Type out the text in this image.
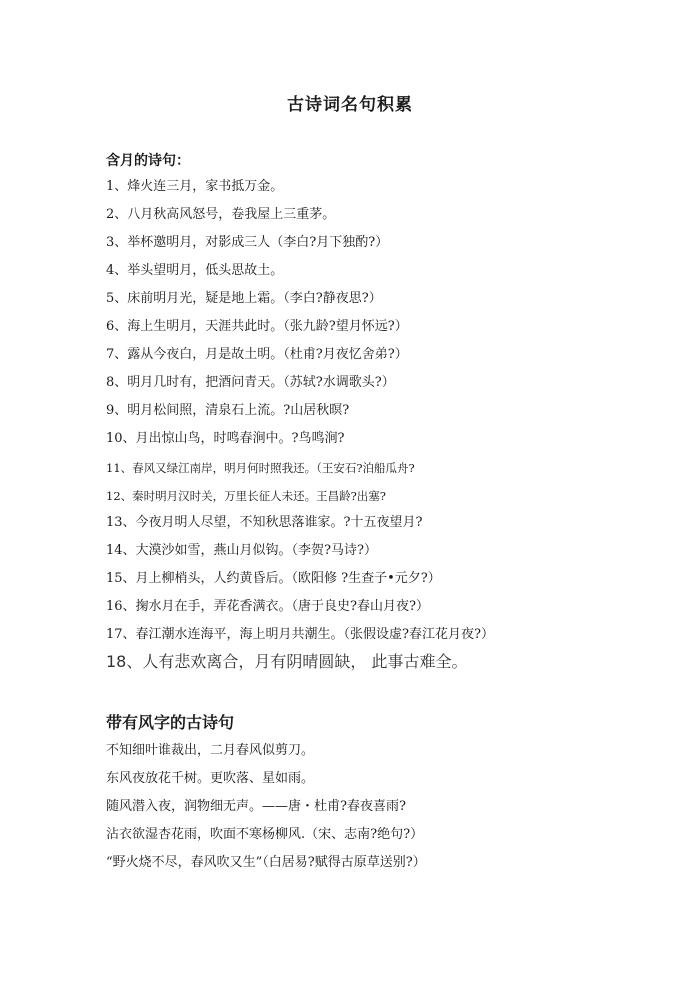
古诗词名句积累
含月的诗句：
1、烽火连三月，家书抵万金。
2、八月秋高风怒号，卷我屋上三重茅。
3、举杯邀明月，对影成三人（李白?月下独酌?）
4、举头望明月，低头思故土。
5、床前明月光，疑是地上霜。（李白?静夜思?）
6、海上生明月，天涯共此时。（张九龄?望月怀远?）
7、露从今夜白，月是故土明。（杜甫?月夜忆舍弟?）
8、明月几时有，把酒问青天。（苏轼?水调歌头?）
9、明月松间照，清泉石上流。?山居秋暝?
10、月出惊山鸟，时鸣春涧中。?鸟鸣涧?
11、春风又绿江南岸，明月何时照我还。（王安石?泊船瓜舟?
12、秦时明月汉时关，万里长征人未还。王昌龄?出塞?
13、今夜月明人尽望，不知秋思落谁家。?十五夜望月?
14、大漠沙如雪，燕山月似钩。（李贺?马诗?）
15、月上柳梢头，人约黄昏后。（欧阳修 ?生查子•元夕?）
16、掬水月在手，弄花香满衣。（唐于良史?春山月夜?）
17、春江潮水连海平，海上明月共潮生。（张假设虚?春江花月夜?）
18、人有悲欢离合，月有阴晴圆缺， 此事古难全。
带有风字的古诗句
不知细叶谁裁出，二月春风似剪刀。
东风夜放花千树。更吹落、星如雨。
随风潜入夜，润物细无声。——唐・杜甫?春夜喜雨?
沾衣欲湿杏花雨，吹面不寒杨柳风.（宋、志南?绝句?）
“野火烧不尽，春风吹又生”（白居易?赋得古原草送别?）
